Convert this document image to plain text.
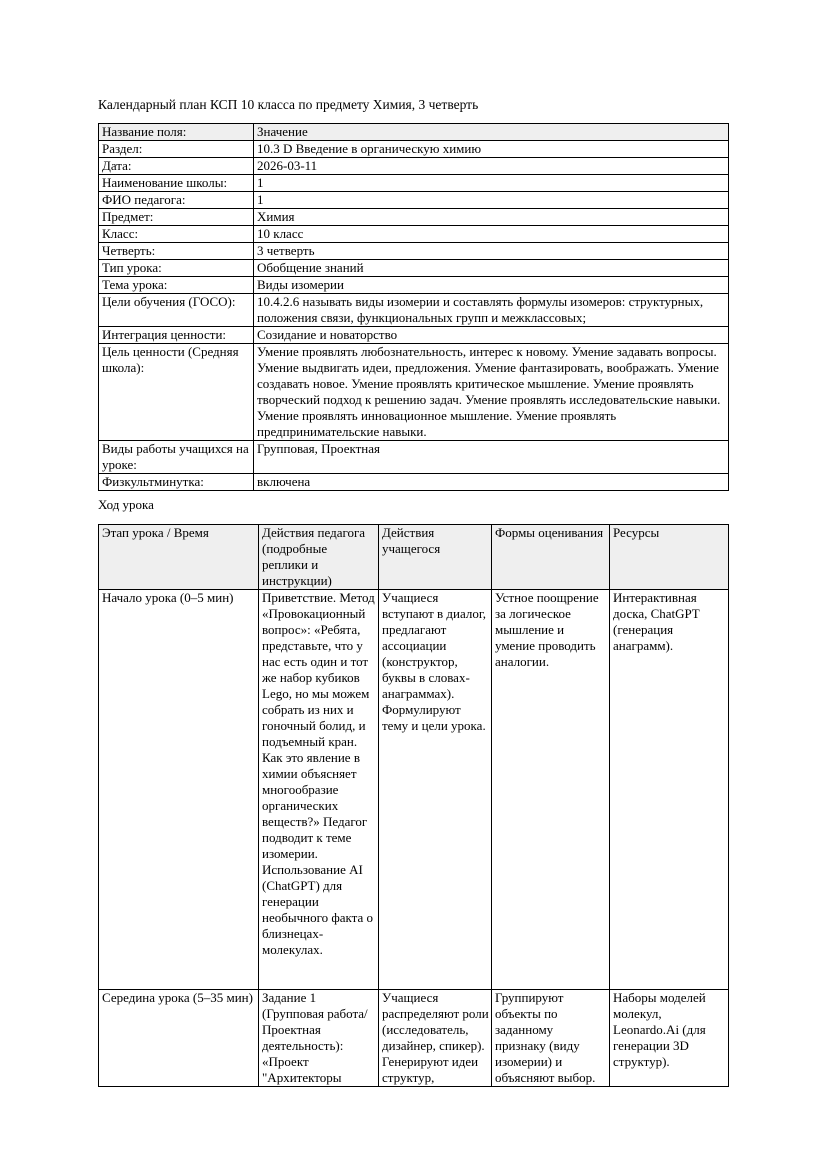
Календарный план КСП 10 класса по предмету Химия, 3 четверть
Название поля:	Значение
Раздел:	10.3 D Введение в органическую химию
Дата:	2026-03-11
Наименование школы:	1
ФИО педагога:	1
Предмет:	Химия
Класс:	10 класс
Четверть:	3 четверть
Тип урока:	Обобщение знаний
Тема урока:	Виды изомерии
Цели обучения (ГОСО):	10.4.2.6 называть виды изомерии и составлять формулы изомеров: структурных, положения связи, функциональных групп и межклассовых;
Интеграция ценности:	Созидание и новаторство
Цель ценности (Средняя школа):	Умение проявлять любознательность, интерес к новому. Умение задавать вопросы. Умение выдвигать идеи, предложения. Умение фантазировать, воображать. Умение создавать новое. Умение проявлять критическое мышление. Умение проявлять творческий подход к решению задач. Умение проявлять исследовательские навыки. Умение проявлять инновационное мышление. Умение проявлять предпринимательские навыки.
Виды работы учащихся на уроке:	Групповая, Проектная
Физкультминутка:	включена
Ход урока
Этап урока / Время	Действия педагога (подробные реплики и инструкции)	Действия учащегося	Формы оценивания	Ресурсы
Начало урока (0–5 мин)	Приветствие. Метод «Провокационный вопрос»: «Ребята, представьте, что у нас есть один и тот же набор кубиков Lego, но мы можем собрать из них и гоночный болид, и подъемный кран. Как это явление в химии объясняет многообразие органических веществ?» Педагог подводит к теме изомерии. Использование AI (ChatGPT) для генерации необычного факта о близнецах-молекулах.	Учащиеся вступают в диалог, предлагают ассоциации (конструктор, буквы в словах-анаграммах). Формулируют тему и цели урока.	Устное поощрение за логическое мышление и умение проводить аналогии.	Интерактивная доска, ChatGPT (генерация анаграмм).

Середина урока (5–35 мин)	Задание 1 (Групповая работа/Проектная деятельность): «Проект "Архитекторы	Учащиеся распределяют роли (исследователь, дизайнер, спикер). Генерируют идеи структур,	Группируют объекты по заданному признаку (виду изомерии) и объясняют выбор.	Наборы моделей молекул, Leonardo.Ai (для генерации 3D структур).
